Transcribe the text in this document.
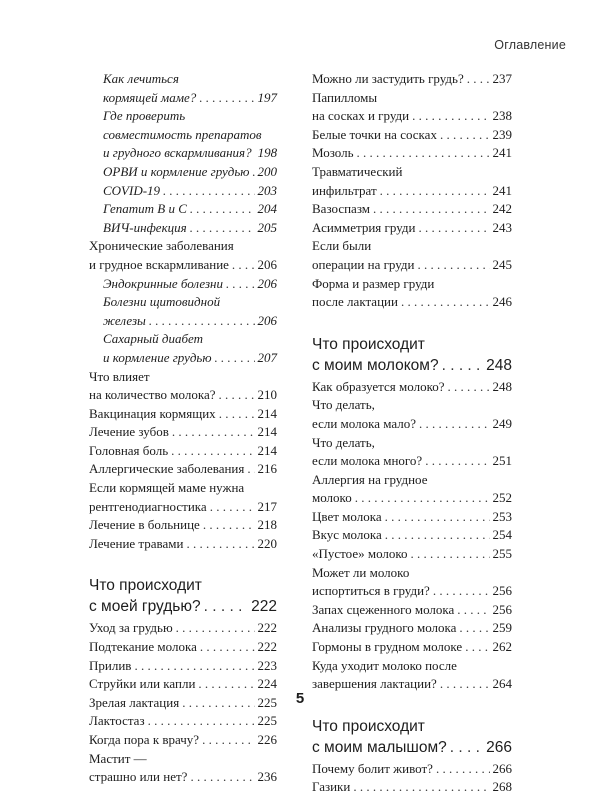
Оглавление
Как лечиться
кормящей маме? . . .	197
Где проверить
совместимость препаратов
и грудного вскармливания? 198
ОРВИ и кормление грудью . . . 200
COVID-19 . . .	203
Гепатит В и С . . .	204
ВИЧ-инфекция . . .	205
Хронические заболевания
и грудное вскармливание . . . 206
Эндокринные болезни . . .	206
Болезни щитовидной
железы . . .	206
Сахарный диабет
и кормление грудью . . .	207
Что влияет
на количество молока? . . .	210
Вакцинация кормящих . . .	214
Лечение зубов . . .	214
Головная боль . . .	214
Аллергические заболевания . . . 216
Если кормящей маме нужна
рентгенодиагностика . . .	217
Лечение в больнице . . .	218
Лечение травами . . .	220
Что происходит
с моей грудью? . . .	222
Уход за грудью . . .	222
Подтекание молока . . .	222
Прилив . . .	223
Струйки или капли . . .	224
Зрелая лактация . . .	225
Лактостаз . . .	225
Когда пора к врачу? . . .	226
Мастит —
страшно или нет? . . .	236
Можно ли застудить грудь? . . . 237
Папилломы
на сосках и груди . . .	238
Белые точки на сосках . . .	239
Мозоль . . .	241
Травматический
инфильтрат . . .	241
Вазоспазм . . .	242
Асимметрия груди . . .	243
Если были
операции на груди . . .	245
Форма и размер груди
после лактации . . .	246
Что происходит
с моим молоком? . . .	248
Как образуется молоко? . . .	248
Что делать,
если молока мало? . . .	249
Что делать,
если молока много? . . .	251
Аллергия на грудное
молоко . . .	252
Цвет молока . . .	253
Вкус молока . . .	254
«Пустое» молоко . . .	255
Может ли молоко
испортиться в груди? . . .	256
Запах сцеженного молока . . .	256
Анализы грудного молока . . .	259
Гормоны в грудном молоке . . . 262
Куда уходит молоко после
завершения лактации? . . .	264
Что происходит
с моим малышом? . . .	266
Почему болит живот? . . .	266
Газики . . .	268
5
